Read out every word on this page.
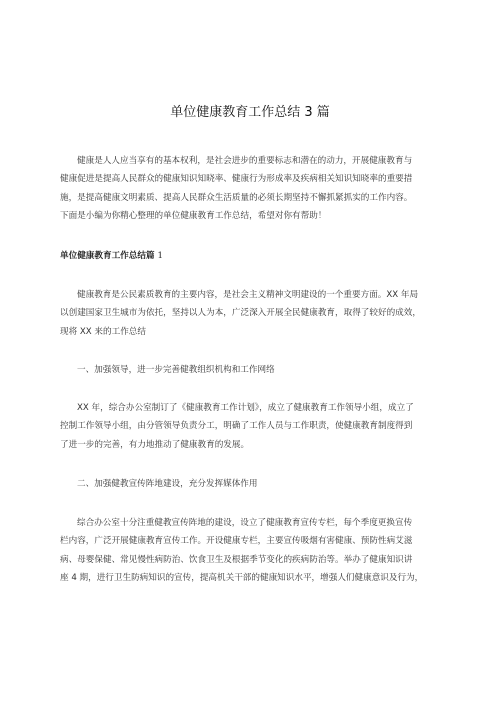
单位健康教育工作总结 3 篇

健康是人人应当享有的基本权利，是社会进步的重要标志和潜在的动力，开展健康教育与
健康促进是提高人民群众的健康知识知晓率、健康行为形成率及疾病相关知识知晓率的重要措
施，是提高健康文明素质、提高人民群众生活质量的必须长期坚持不懈抓紧抓实的工作内容。
下面是小编为你精心整理的单位健康教育工作总结，希望对你有帮助！

单位健康教育工作总结篇 1

健康教育是公民素质教育的主要内容，是社会主义精神文明建设的一个重要方面。XX 年局
以创建国家卫生城市为依托，坚持以人为本，广泛深入开展全民健康教育，取得了较好的成效，
现将 XX 来的工作总结

一、加强领导，进一步完善健教组织机构和工作网络

XX 年，综合办公室制订了《健康教育工作计划》，成立了健康教育工作领导小组，成立了
控制工作领导小组，由分管领导负责分工，明确了工作人员与工作职责，使健康教育制度得到
了进一步的完善，有力地推动了健康教育的发展。

二、加强健教宣传阵地建设，充分发挥媒体作用

综合办公室十分注重健教宣传阵地的建设，设立了健康教育宣传专栏，每个季度更换宣传
栏内容，广泛开展健康教育宣传工作。开设健康专栏，主要宣传吸烟有害健康、预防性病艾滋
病、母婴保健、常见慢性病防治、饮食卫生及根据季节变化的疾病防治等。举办了健康知识讲
座 4 期，进行卫生防病知识的宣传，提高机关干部的健康知识水平，增强人们健康意识及行为，
